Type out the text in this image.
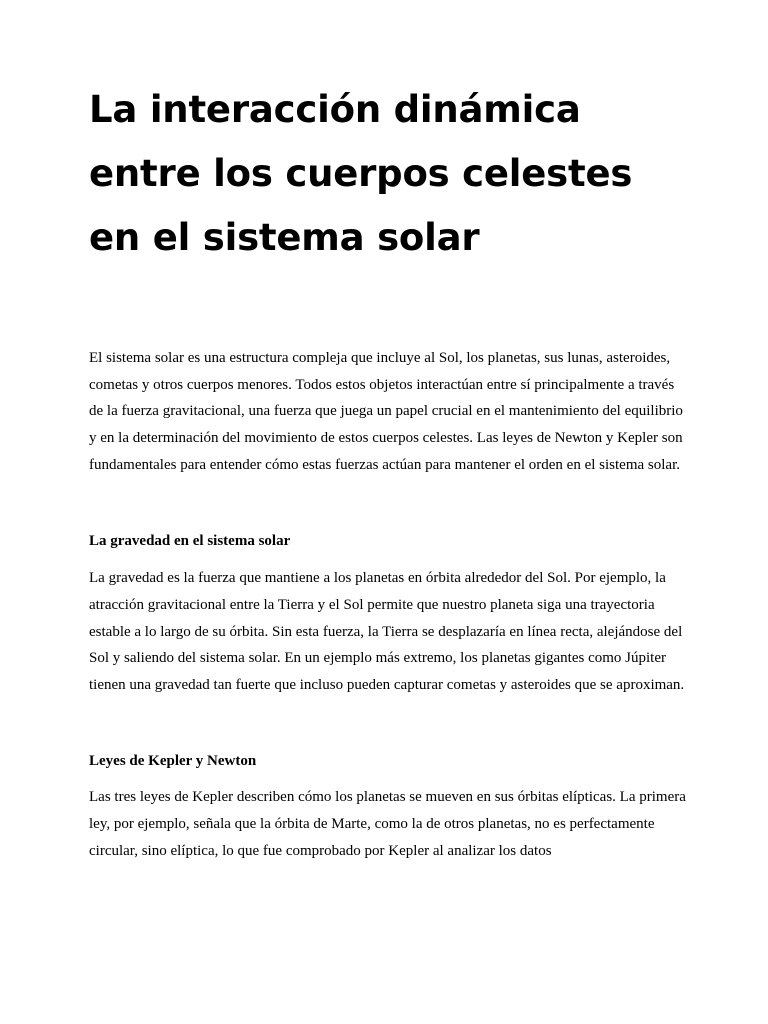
La interacción dinámica entre los cuerpos celestes en el sistema solar

El sistema solar es una estructura compleja que incluye al Sol, los planetas, sus lunas, asteroides, cometas y otros cuerpos menores. Todos estos objetos interactúan entre sí principalmente a través de la fuerza gravitacional, una fuerza que juega un papel crucial en el mantenimiento del equilibrio y en la determinación del movimiento de estos cuerpos celestes. Las leyes de Newton y Kepler son fundamentales para entender cómo estas fuerzas actúan para mantener el orden en el sistema solar.

La gravedad en el sistema solar

La gravedad es la fuerza que mantiene a los planetas en órbita alrededor del Sol. Por ejemplo, la atracción gravitacional entre la Tierra y el Sol permite que nuestro planeta siga una trayectoria estable a lo largo de su órbita. Sin esta fuerza, la Tierra se desplazaría en línea recta, alejándose del Sol y saliendo del sistema solar. En un ejemplo más extremo, los planetas gigantes como Júpiter tienen una gravedad tan fuerte que incluso pueden capturar cometas y asteroides que se aproximan.

Leyes de Kepler y Newton

Las tres leyes de Kepler describen cómo los planetas se mueven en sus órbitas elípticas. La primera ley, por ejemplo, señala que la órbita de Marte, como la de otros planetas, no es perfectamente circular, sino elíptica, lo que fue comprobado por Kepler al analizar los datos
